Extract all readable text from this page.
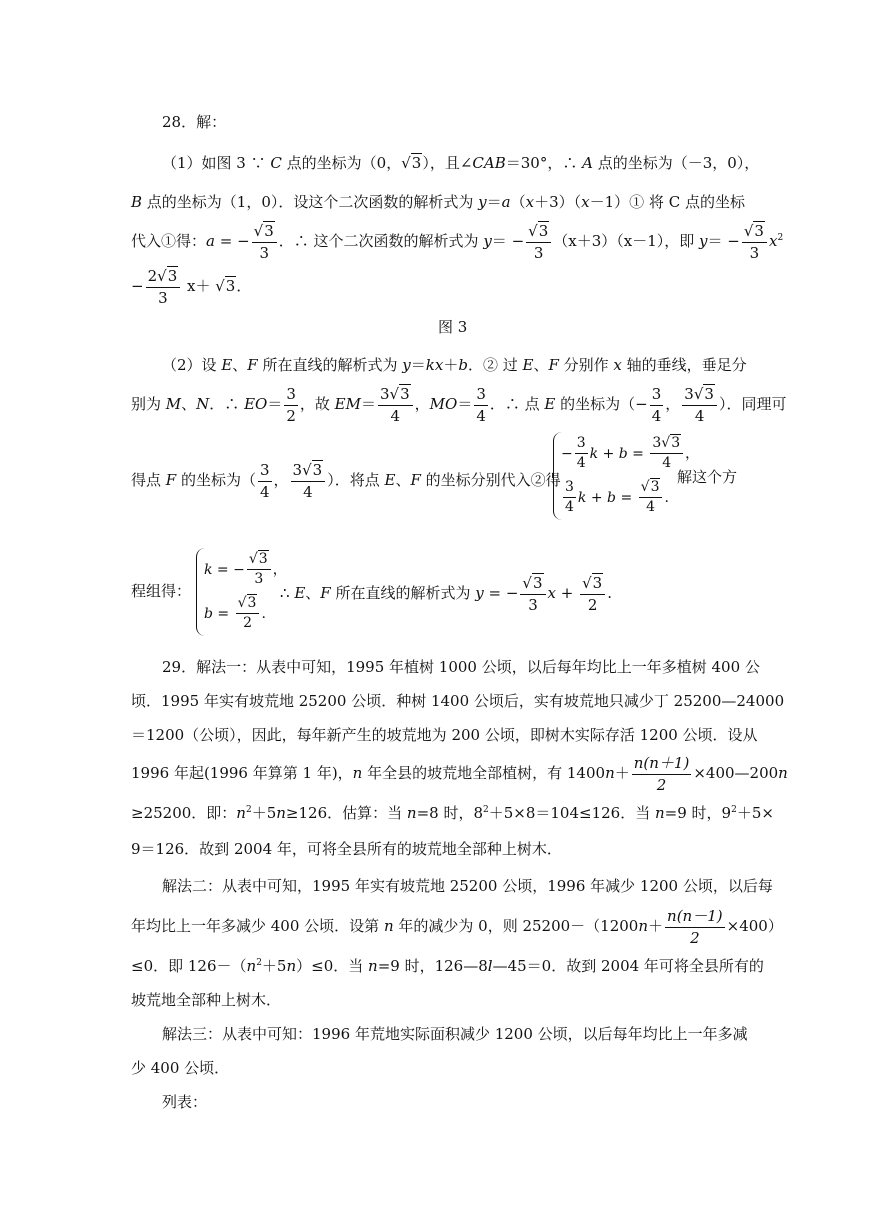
28．解：
（1）如图 3 ∵ C 点的坐标为（0，√3），且∠CAB＝30°，∴ A 点的坐标为（－3，0），
B 点的坐标为（1，0）．设这个二次函数的解析式为 y＝a（x＋3）（x－1）① 将 C 点的坐标
代入①得：a = − $\frac{√3}{3}$ ．∴ 这个二次函数的解析式为 $y= - \frac{√3}{3} (x+3)(x-1)$，即 $y= - \frac{√3}{3} x^2$
− $\frac{2√3}{3} x+ √3$．
图 3
（2）设 E、F 所在直线的解析式为 y＝kx＋b．② 过 E、F 分别作 x 轴的垂线，垂足分
别为 M、N．∴ $EO= \frac{3}{2}$ ，故 $EM= \frac{3√3}{4}$ ，$MO= \frac{3}{4}$ ．∴ 点 E 的坐标为（− $\frac{3}{4}$ ， $\frac{3√3}{4}$ ）．同理可
得点 F 的坐标为（ $\frac{3}{4}$ ， $\frac{3√3}{4}$ ）．将点 E、F 的坐标分别代入②得	解这个方
− $\frac{3}{4}$ $k + b = \frac{3√3}{4}$ ，
$\frac{3}{4}$ $k + b = \frac{√3}{4}$ .
程组得：
k = − $\frac{√3}{3}$ ，
$b = \frac{√3}{2}$ .
∴ E、F 所在直线的解析式为 y = − $\frac{√3}{3}$ $x + \frac{√3}{2}$ .
29．解法一：从表中可知，1995 年植树 1000 公顷，以后每年均比上一年多植树 400 公
顷．1995 年实有坡荒地 25200 公顷．种树 1400 公顷后，实有坡荒地只减少丁 25200—24000
＝1200（公顷），因此，每年新产生的坡荒地为 200 公顷，即树木实际存活 1200 公顷．设从
1996 年起(1996 年算第 1 年)，n 年全县的坡荒地全部植树，有 $1400n+ \frac{n(n+1)}{2}$ ×400—200n
≥25200．即：$n^2+5n\ge 126$．估算：当 n=8 时，$8^2+5\times 8=104\le 126$．当 n=9 时，$9^2+5\times$
9＝126．故到 2004 年，可将全县所有的坡荒地全部种上树木．
解法二：从表中可知，1995 年实有坡荒地 25200 公顷，1996 年减少 1200 公顷，以后每
年均比上一年多减少 400 公顷．设第 n 年的减少为 0，则 $25200-(1200n+ \frac{n(n-1)}{2} \times 400)$
≤0．即 $126-(n^2+5n)\le 0$．当 n=9 时，126—8l—45＝0．故到 2004 年可将全县所有的
坡荒地全部种上树木．
解法三：从表中可知：1996 年荒地实际面积减少 1200 公顷，以后每年均比上一年多减
少 400 公顷．
列表：
